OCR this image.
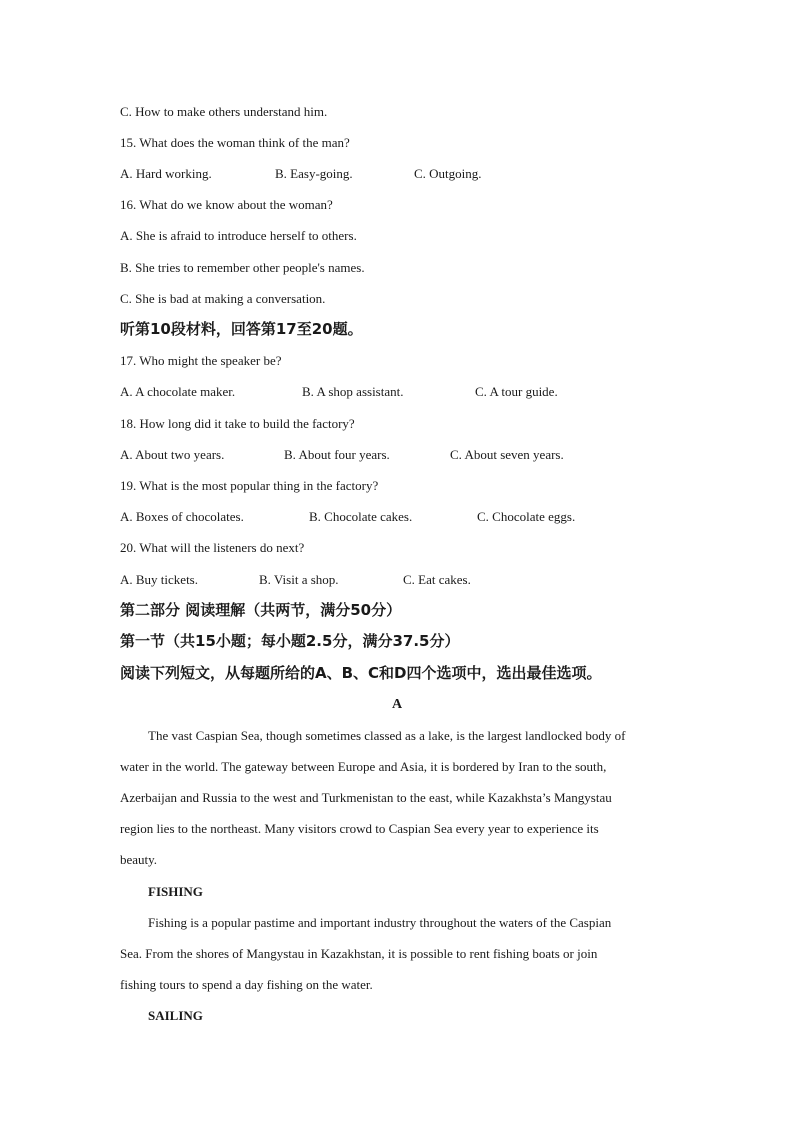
C. How to make others understand him.
15. What does the woman think of the man?
A. Hard working.	B. Easy-going.	C. Outgoing.
16. What do we know about the woman?
A. She is afraid to introduce herself to others.
B. She tries to remember other people's names.
C. She is bad at making a conversation.
听第10段材料，回答第17至20题。
17. Who might the speaker be?
A. A chocolate maker.	B. A shop assistant.	C. A tour guide.
18. How long did it take to build the factory?
A. About two years.	B. About four years.	C. About seven years.
19. What is the most popular thing in the factory?
A. Boxes of chocolates.	B. Chocolate cakes.	C. Chocolate eggs.
20. What will the listeners do next?
A. Buy tickets.	B. Visit a shop.	C. Eat cakes.
第二部分 阅读理解（共两节，满分50分）
第一节（共15小题；每小题2.5分，满分37.5分）
阅读下列短文，从每题所给的A、B、C和D四个选项中，选出最佳选项。
A
The vast Caspian Sea, though sometimes classed as a lake, is the largest landlocked body of
water in the world. The gateway between Europe and Asia, it is bordered by Iran to the south,
Azerbaijan and Russia to the west and Turkmenistan to the east, while Kazakhsta’s Mangystau
region lies to the northeast. Many visitors crowd to Caspian Sea every year to experience its
beauty.
FISHING
Fishing is a popular pastime and important industry throughout the waters of the Caspian
Sea. From the shores of Mangystau in Kazakhstan, it is possible to rent fishing boats or join
fishing tours to spend a day fishing on the water.
SAILING
